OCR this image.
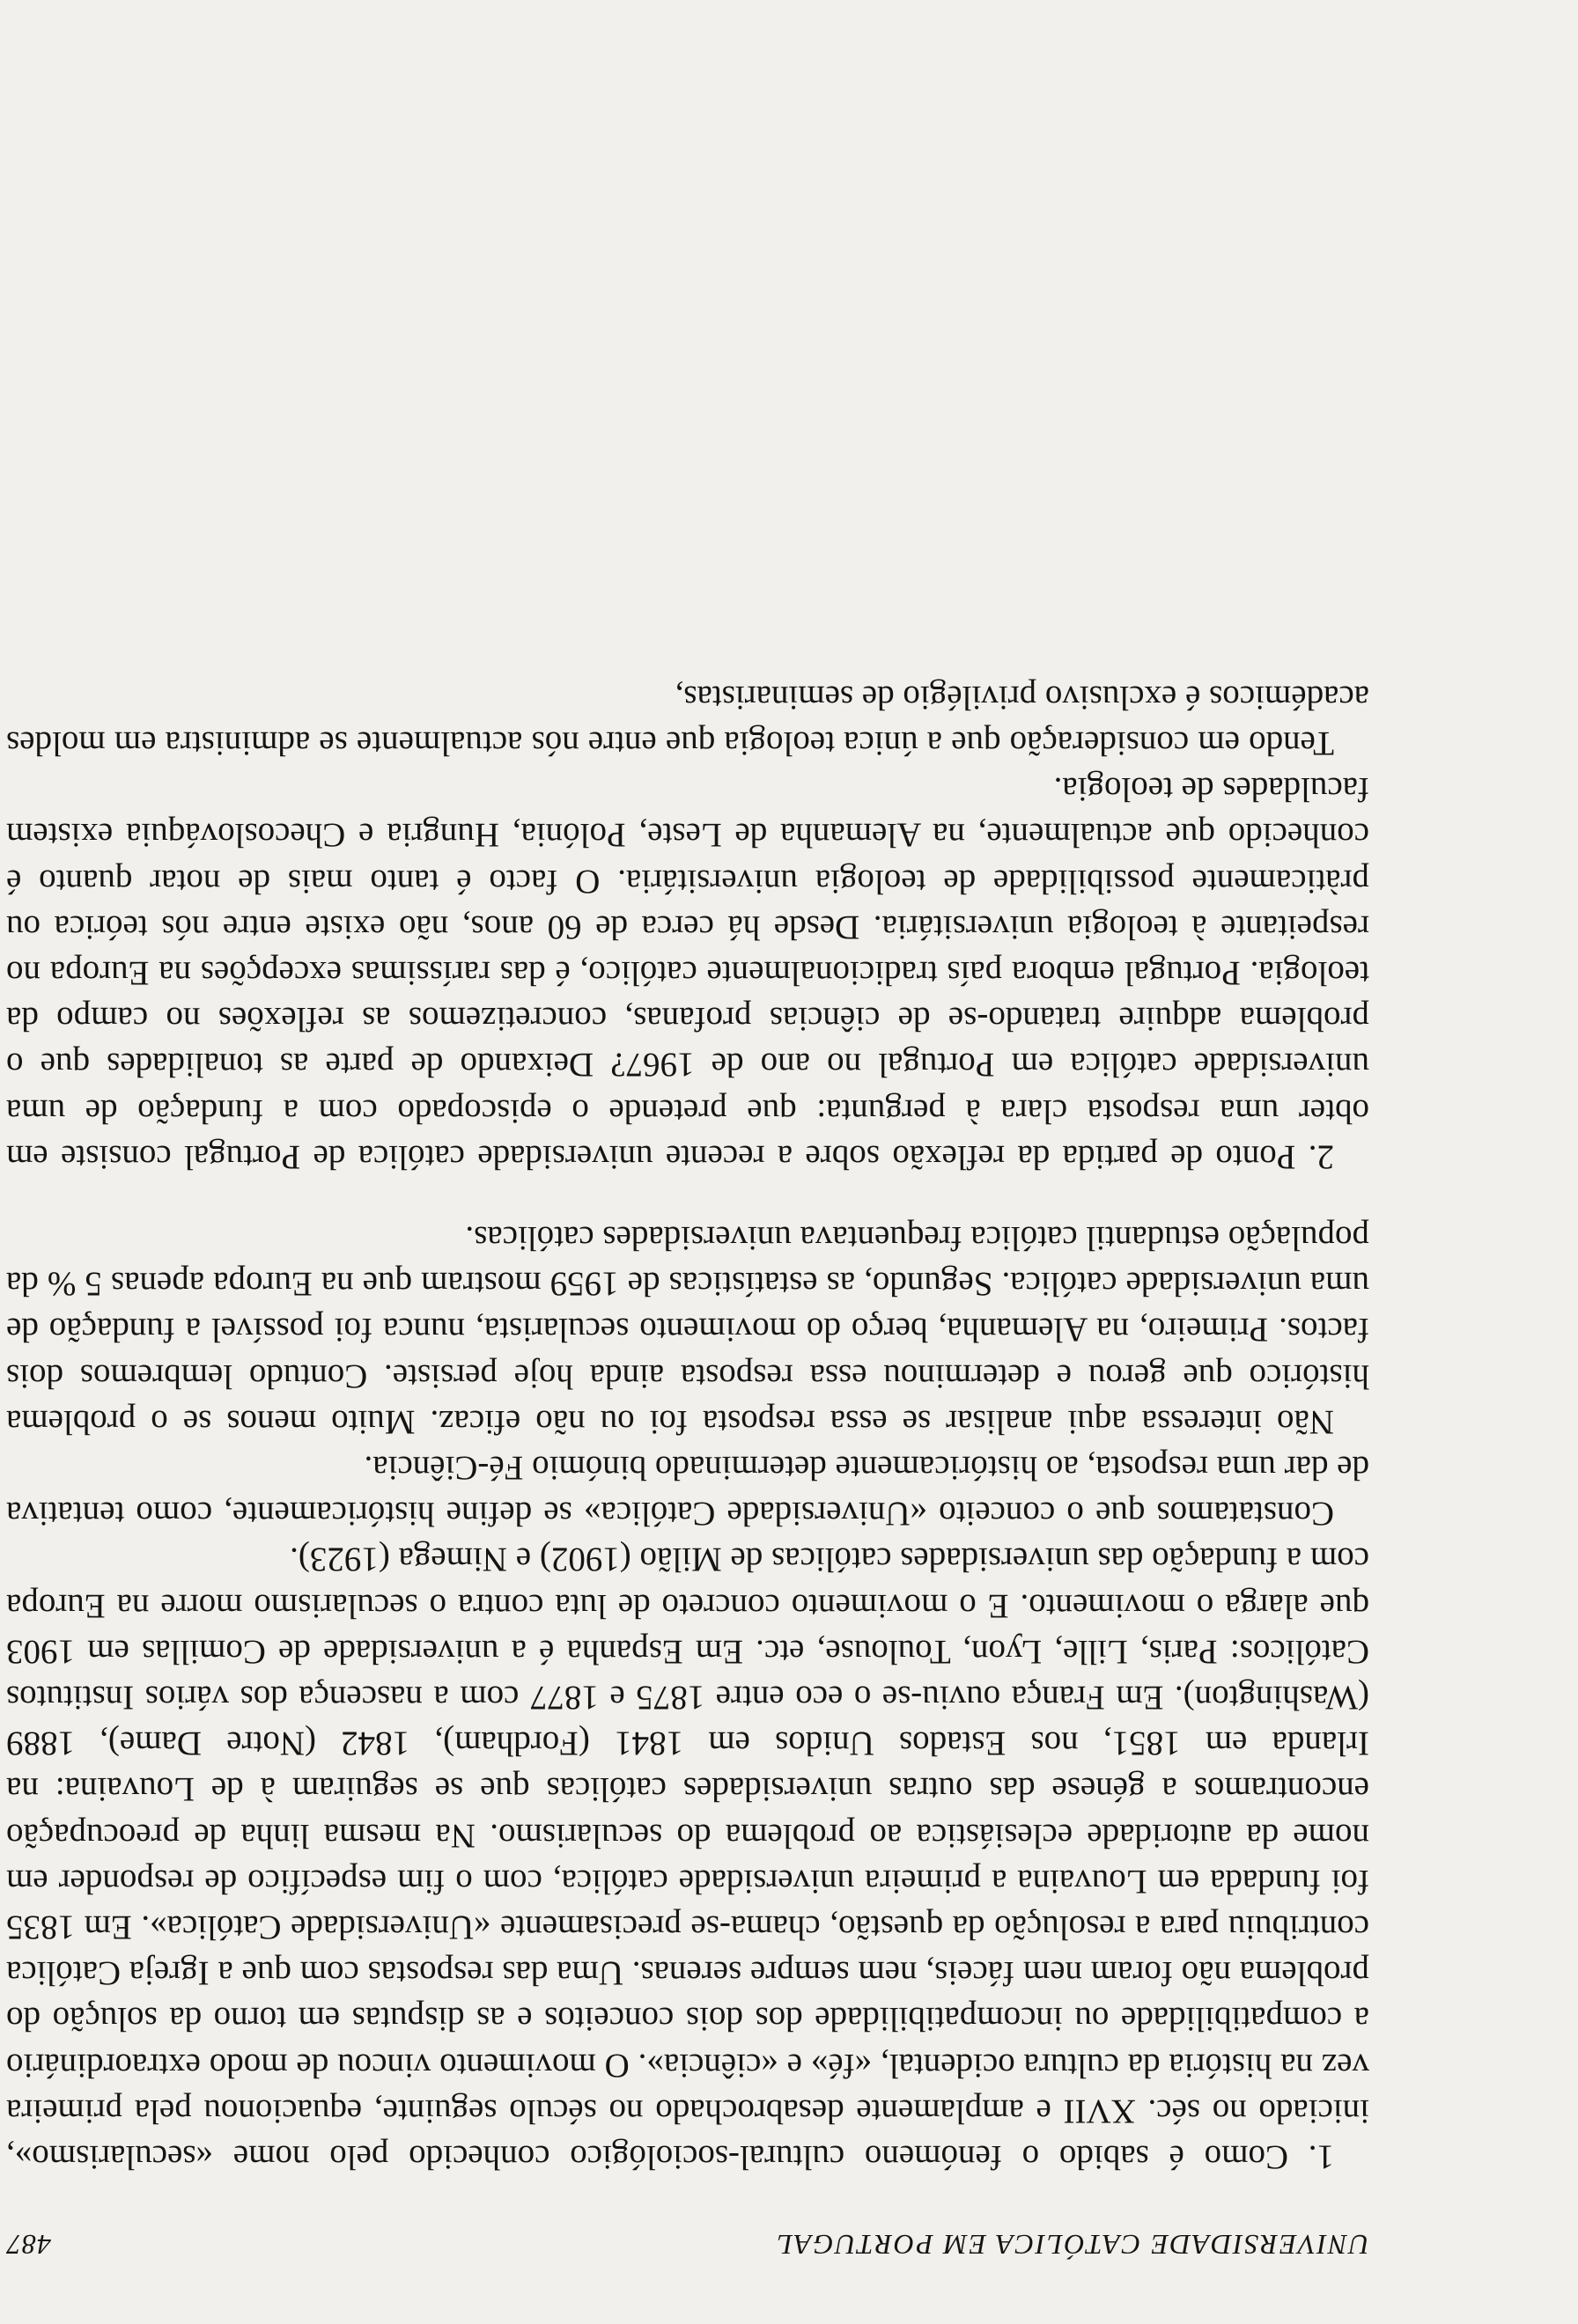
UNIVERSIDADE CATÓLICA EM PORTUGAL
487

1. Como é sabido o fenómeno cultural-sociológico conhecido pelo nome «secularismo», iniciado no séc. XVII e amplamente desabrochado no século seguinte, equacionou pela primeira vez na história da cultura ocidental, «fé» e «ciência». O movimento vincou de modo extraordinário a compatibilidade ou incompatibilidade dos dois conceitos e as disputas em torno da solução do problema não foram nem fáceis, nem sempre serenas. Uma das respostas com que a Igreja Católica contribuiu para a resolução da questão, chama-se precisamente «Universidade Católica». Em 1835 foi fundada em Louvaina a primeira universidade católica, com o fim específico de responder em nome da autoridade eclesiástica ao problema do secularismo. Na mesma linha de preocupação encontramos a génese das outras universidades católicas que se seguiram à de Louvaina: na Irlanda em 1851, nos Estados Unidos em 1841 (Fordham), 1842 (Notre Dame), 1889 (Washington). Em França ouviu-se o eco entre 1875 e 1877 com a nascença dos vários Institutos Católicos: Paris, Lille, Lyon, Toulouse, etc. Em Espanha é a universidade de Comillas em 1903 que alarga o movimento. E o movimento concreto de luta contra o secularismo morre na Europa com a fundação das universidades católicas de Milão (1902) e Nimega (1923).

Constatamos que o conceito «Universidade Católica» se define históricamente, como tentativa de dar uma resposta, ao históricamente determinado binómio Fé-Ciência.

Não interessa aqui analisar se essa resposta foi ou não eficaz. Muito menos se o problema histórico que gerou e determinou essa resposta ainda hoje persiste. Contudo lembremos dois factos. Primeiro, na Alemanha, berço do movimento secularista, nunca foi possível a fundação de uma universidade católica. Segundo, as estatísticas de 1959 mostram que na Europa apenas 5 % da população estudantil católica frequentava universidades católicas.

2. Ponto de partida da reflexão sobre a recente universidade católica de Portugal consiste em obter uma resposta clara à pergunta: que pretende o episcopado com a fundação de uma universidade católica em Portugal no ano de 1967? Deixando de parte as tonalidades que o problema adquire tratando-se de ciências profanas, concretizemos as reflexões no campo da teologia. Portugal embora país tradicionalmente católico, é das raríssimas excepções na Europa no respeitante à teologia universitária. Desde há cerca de 60 anos, não existe entre nós teórica ou pràticamente possibilidade de teologia universitária. O facto é tanto mais de notar quanto é conhecido que actualmente, na Alemanha de Leste, Polónia, Hungria e Checoslováquia existem faculdades de teologia.

Tendo em consideração que a única teologia que entre nós actualmente se administra em moldes académicos é exclusivo privilégio de seminaristas,
